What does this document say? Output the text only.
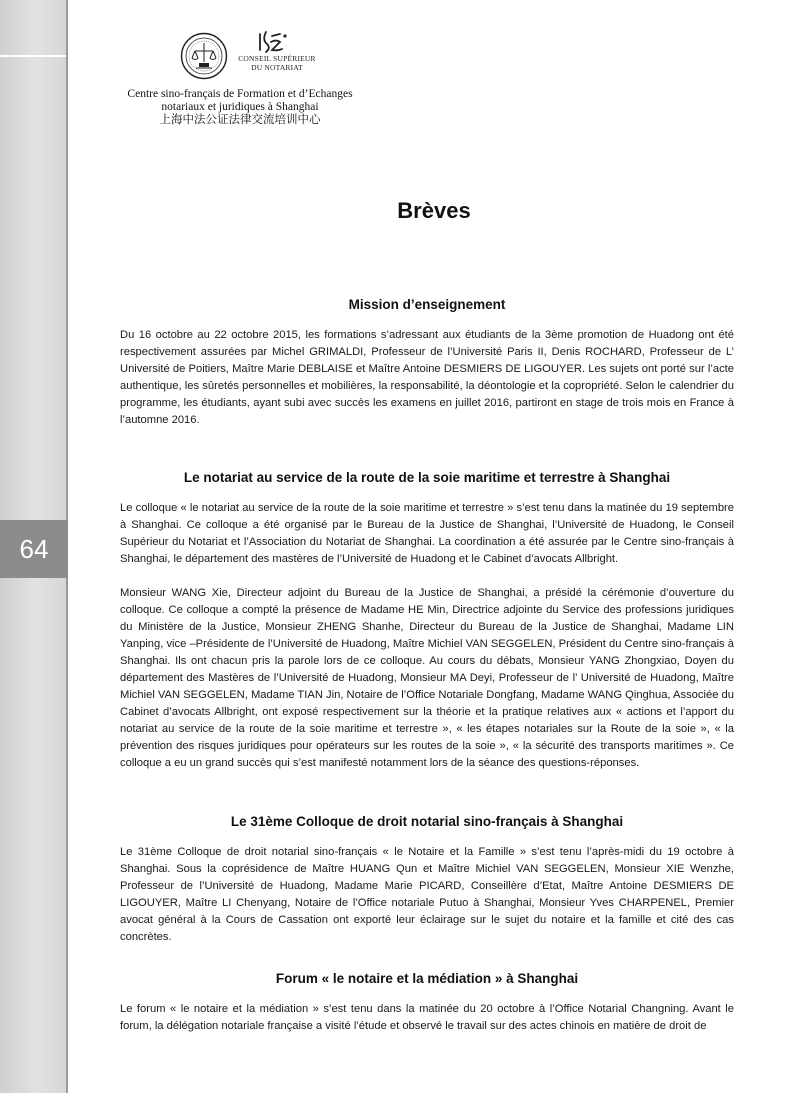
64
CONSEIL SUPÉRIEUR DU NOTARIAT
Centre sino-français de Formation et d’Echanges
notariaux et juridiques à Shanghai
上海中法公证法律交流培训中心
Brèves
Mission d’enseignement

Du 16 octobre au 22 octobre 2015, les formations s’adressant aux étudiants de la 3ème promotion de Huadong ont été respectivement assurées par Michel GRIMALDI, Professeur de l’Université Paris II, Denis ROCHARD, Professeur de L’ Université de Poitiers, Maître Marie DEBLAISE et Maître Antoine DESMIERS DE LIGOUYER. Les sujets ont porté sur l’acte authentique, les sûretés personnelles et mobilières, la responsabilité, la déontologie et la copropriété. Selon le calendrier du programme, les étudiants, ayant subi avec succès les examens en juillet 2016, partiront en stage de trois mois en France à l’automne 2016.

Le notariat au service de la route de la soie maritime et terrestre à Shanghai

Le colloque « le notariat au service de la route de la soie maritime et terrestre » s’est tenu dans la matinée du 19 septembre à Shanghai. Ce colloque a été organisé par le Bureau de la Justice de Shanghai, l’Université de Huadong, le Conseil Supérieur du Notariat et l’Association du Notariat de Shanghai. La coordination a été assurée par le Centre sino-français à Shanghai, le département des mastères de l’Université de Huadong et le Cabinet d’avocats Allbright.

Monsieur WANG Xie, Directeur adjoint du Bureau de la Justice de Shanghai, a présidé la cérémonie d’ouverture du colloque. Ce colloque a compté la présence de Madame HE Min, Directrice adjointe du Service des professions juridiques du Ministère de la Justice, Monsieur ZHENG Shanhe, Directeur du Bureau de la Justice de Shanghai, Madame LIN Yanping, vice –Présidente de l’Université de Huadong, Maître Michiel VAN SEGGELEN, Président du Centre sino-français à Shanghai. Ils ont chacun pris la parole lors de ce colloque. Au cours du débats, Monsieur YANG Zhongxiao, Doyen du département des Mastères de l’Université de Huadong, Monsieur MA Deyi, Professeur de l’ Université de Huadong, Maître Michiel VAN SEGGELEN, Madame TIAN Jin, Notaire de l’Office Notariale Dongfang, Madame WANG Qinghua, Associée du Cabinet d’avocats Allbright, ont exposé respectivement sur la théorie et la pratique relatives aux « actions et l’apport du notariat au service de la route de la soie maritime et terrestre », « les étapes notariales sur la Route de la soie », « la prévention des risques juridiques pour opérateurs sur les routes de la soie », « la sécurité des transports maritimes ». Ce colloque a eu un grand succès qui s’est manifesté notamment lors de la séance des questions-réponses.

Le 31ème Colloque de droit notarial sino-français à Shanghai

Le 31ème Colloque de droit notarial sino-français « le Notaire et la Famille » s’est tenu l’après-midi du 19 octobre à Shanghai. Sous la coprésidence de Maître HUANG Qun et Maître Michiel VAN SEGGELEN, Monsieur XIE Wenzhe, Professeur de l’Université de Huadong, Madame Marie PICARD, Conseillère d’Etat, Maître Antoine DESMIERS DE LIGOUYER, Maître LI Chenyang, Notaire de l’Office notariale Putuo à Shanghai, Monsieur Yves CHARPENEL, Premier avocat général à la Cours de Cassation ont exporté leur éclairage sur le sujet du notaire et la famille et cité des cas concrètes.

Forum « le notaire et la médiation » à Shanghai

Le forum « le notaire et la médiation » s’est tenu dans la matinée du 20 octobre à l’Office Notarial Changning. Avant le forum, la délégation notariale française a visité l’étude et observé le travail sur des actes chinois en matière de droit de
